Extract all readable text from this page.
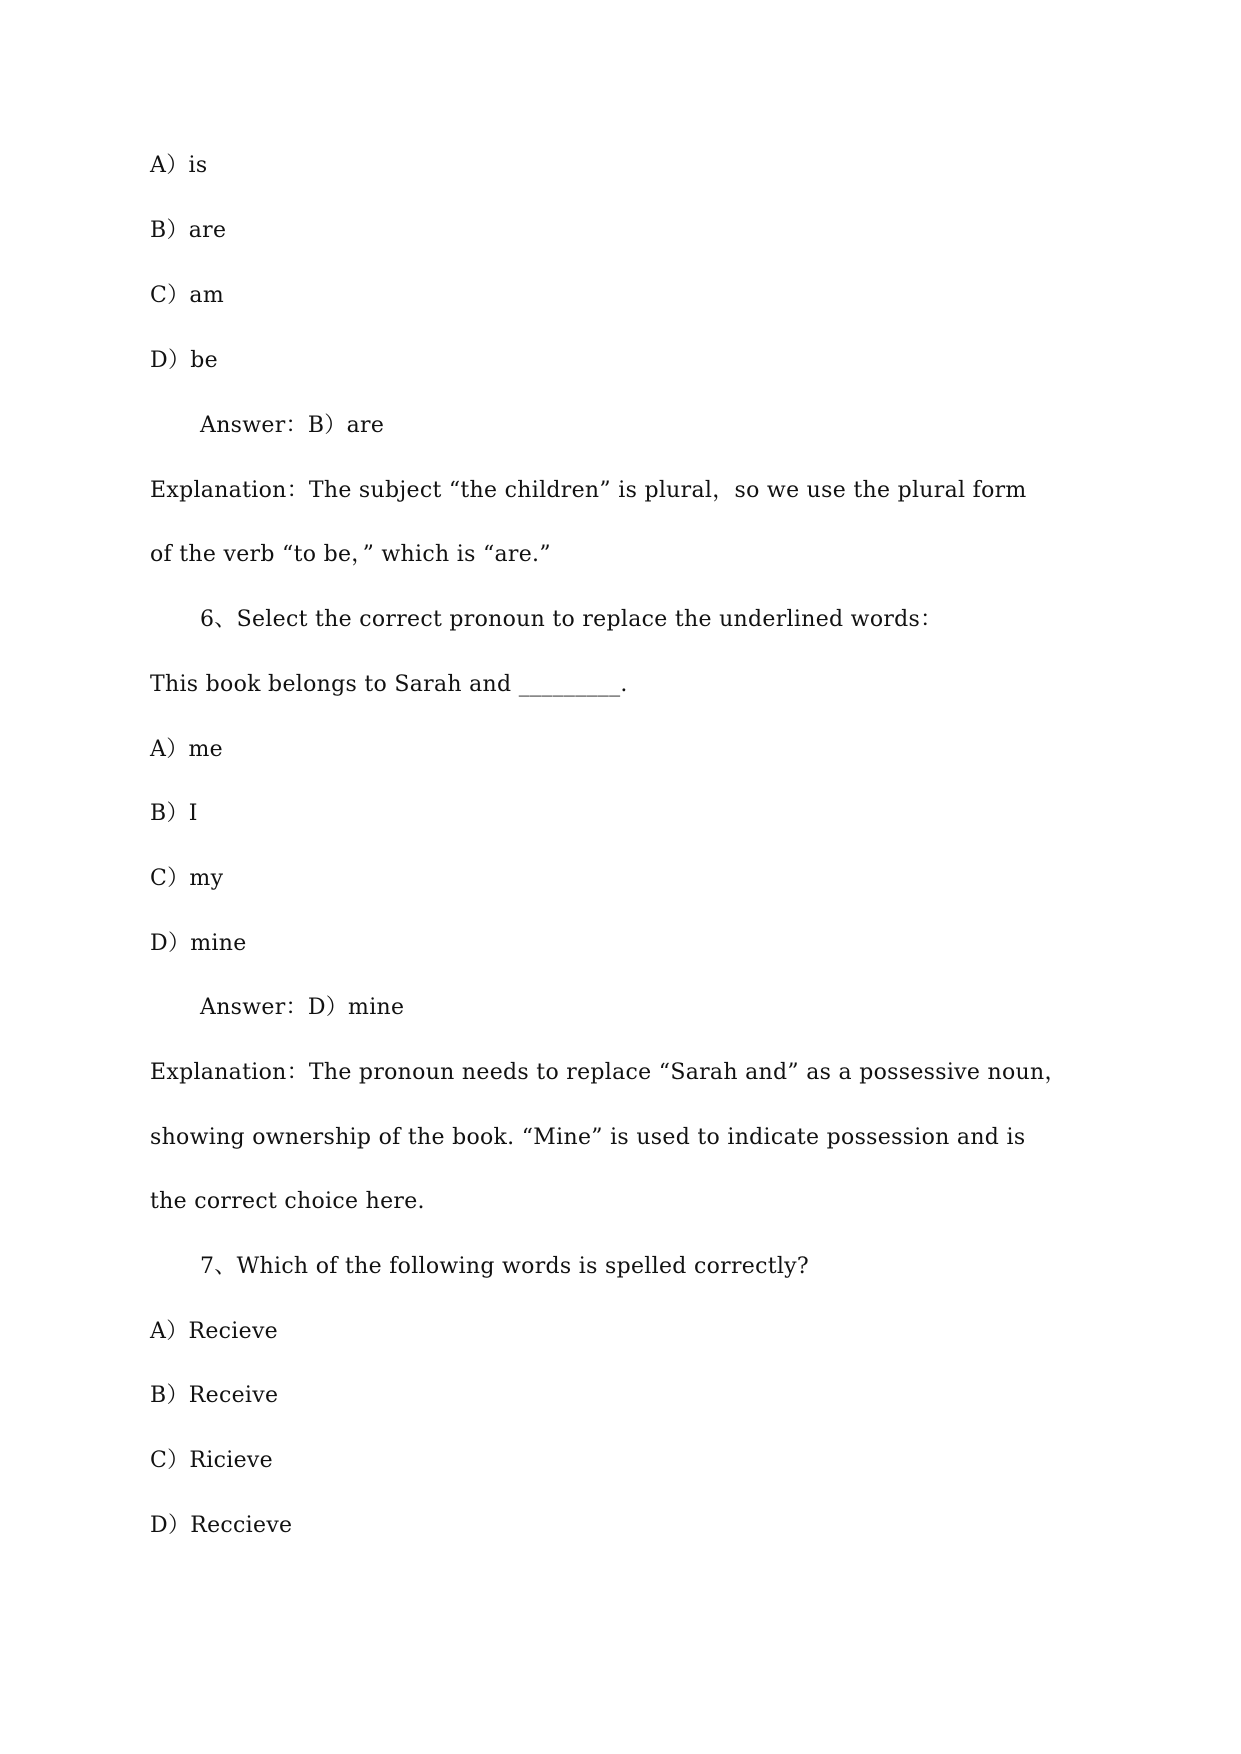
A）is
B）are
C）am
D）be
Answer：B）are
Explanation：The subject “the children” is plural，so we use the plural form
of the verb “to be，” which is “are.”
6、Select the correct pronoun to replace the underlined words：
This book belongs to Sarah and _________.
A）me
B）I
C）my
D）mine
Answer：D）mine
Explanation：The pronoun needs to replace “Sarah and” as a possessive noun，
showing ownership of the book. “Mine” is used to indicate possession and is
the correct choice here.
7、Which of the following words is spelled correctly?
A）Recieve
B）Receive
C）Ricieve
D）Reccieve
